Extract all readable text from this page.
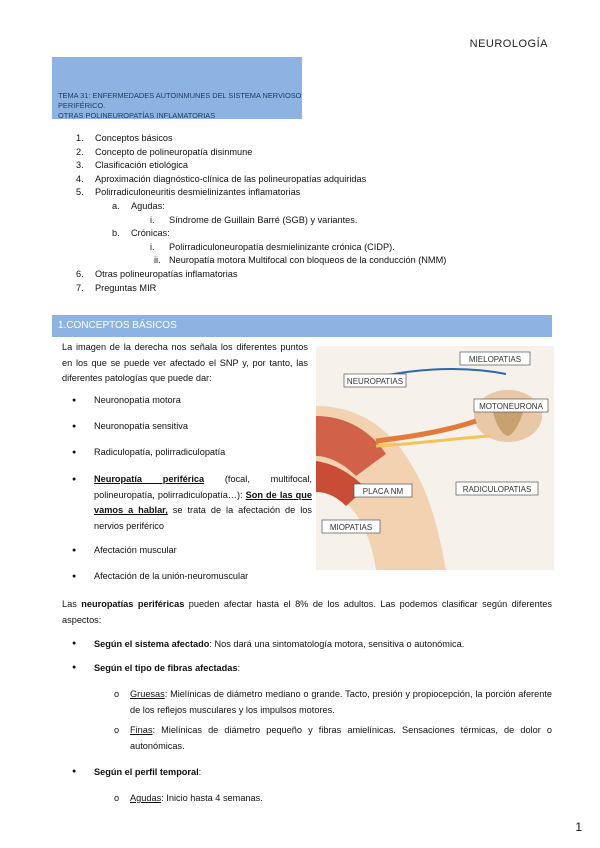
NEUROLOGÍA
TEMA 31: ENFERMEDADES AUTOINMUNES DEL SISTEMA NERVIOSO PERIFÉRICO.
OTRAS POLINEUROPATÍAS INFLAMATORIAS
1.	Conceptos básicos
2.	Concepto de polineuropatía disinmune
3.	Clasificación etiológica
4.	Aproximación diagnóstico-clínica de las polineuropatías adquiridas
5.	Polirradiculoneuritis desmielinizantes inflamatorias
a.	Agudas:
i.	Síndrome de Guillain Barré (SGB) y variantes.
b.	Crónicas:
i.	Polirradiculoneuropatía desmielinizante crónica (CIDP).
ii. Neuropatía motora Multifocal con bloqueos de la conducción (NMM)
6.	Otras polineuropatías inflamatorias
7.	Preguntas MIR
1.CONCEPTOS BÁSICOS
La imagen de la derecha nos señala los diferentes puntos en los que se puede ver afectado el SNP y, por tanto, las diferentes patologías que puede dar:
● Neuronopatía motora
● Neuronopatía sensitiva
● Radiculopatía, polirradiculopatía
● Neuropatía periférica (focal, multifocal, polineuropatía, polirradiculopatía…): Son de las que vamos a hablar, se trata de la afectación de los nervios periférico
● Afectación muscular
● Afectación de la unión-neuromuscular
MIELOPATIAS
NEUROPATIAS
MOTONEURONA
PLACA NM	RADICULOPATIAS
MIOPATIAS
Las neuropatías periféricas pueden afectar hasta el 8% de los adultos. Las podemos clasificar según diferentes aspectos:
● Según el sistema afectado: Nos dará una sintomatología motora, sensitiva o autonómica.
● Según el tipo de fibras afectadas:
● Según el perfil temporal:
o Gruesas: Mielínicas de diámetro mediano o grande. Tacto, presión y propiocepción, la porción aferente de los reflejos musculares y los impulsos motores.
o Finas: Mielínicas de diámetro pequeño y fibras amielínicas. Sensaciones térmicas, de dolor o autonómicas.
o Agudas: Inicio hasta 4 semanas.
1
